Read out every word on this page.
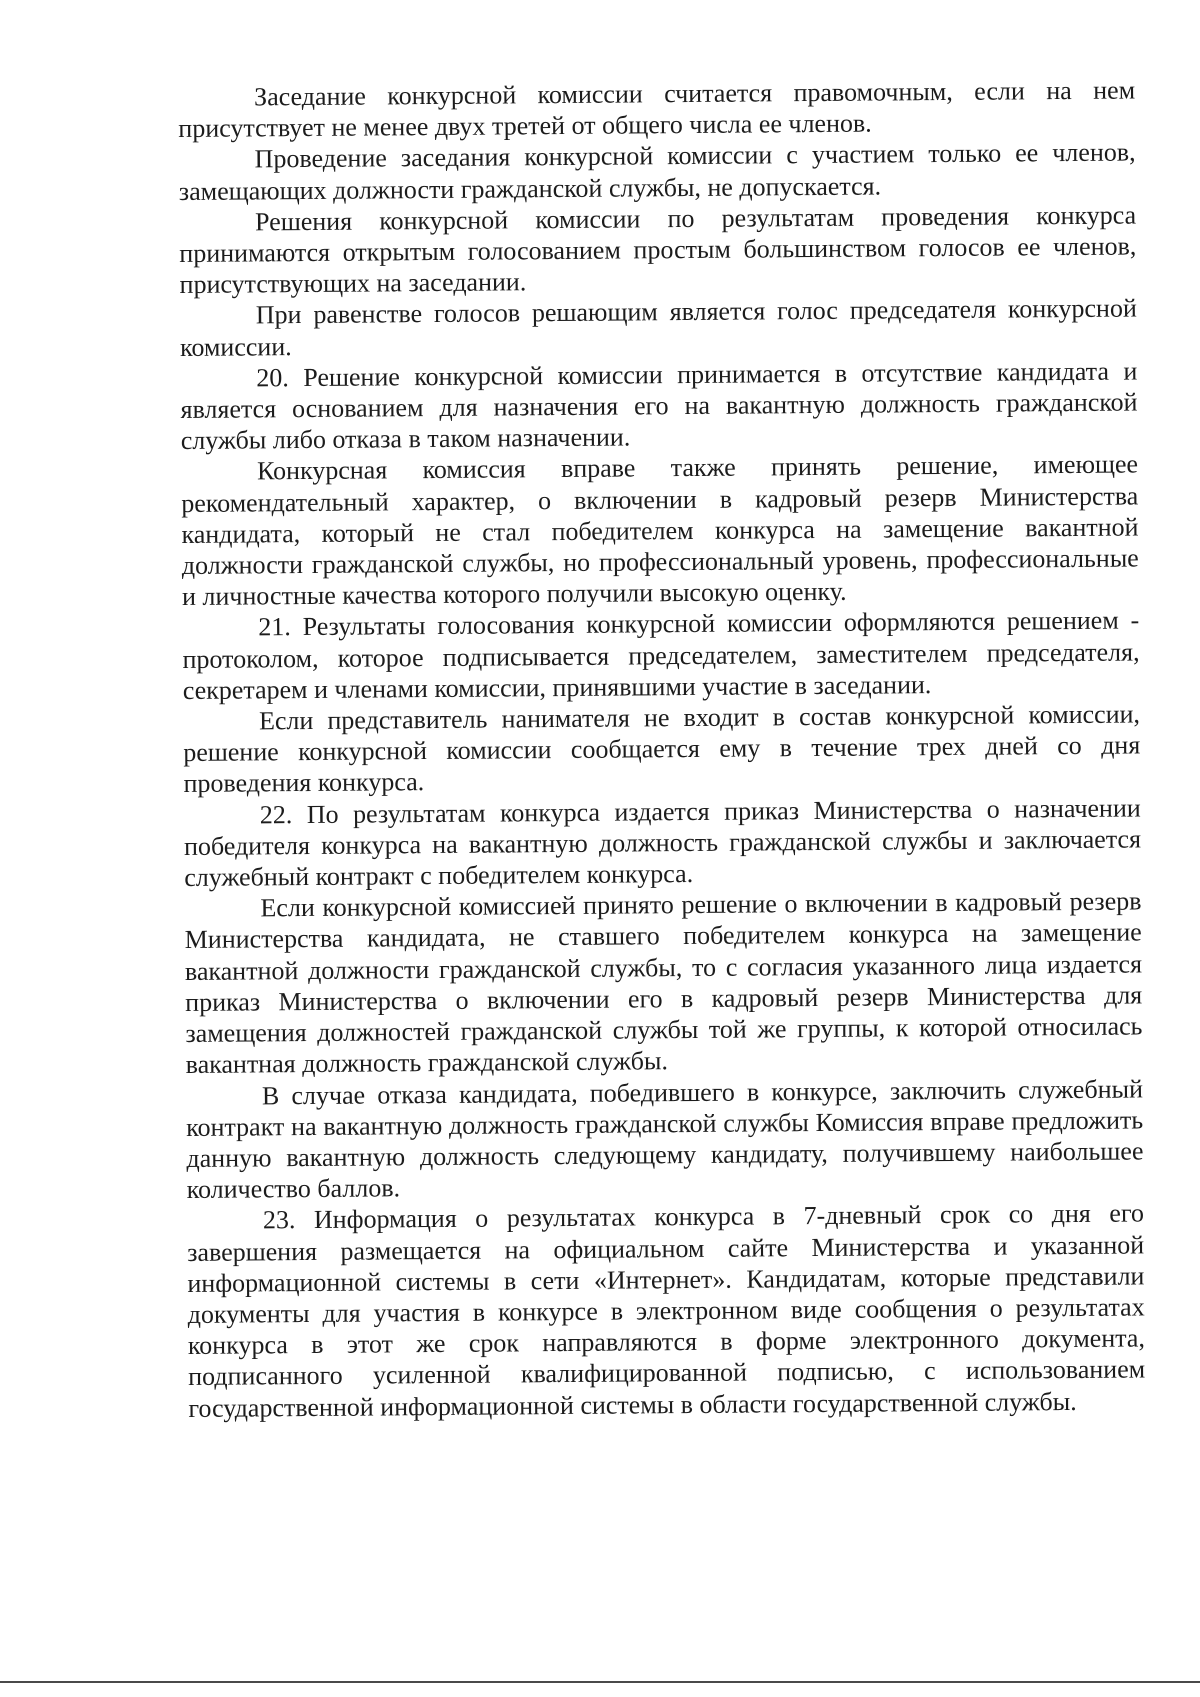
Заседание конкурсной комиссии считается правомочным, если на нем присутствует не менее двух третей от общего числа ее членов.

Проведение заседания конкурсной комиссии с участием только ее членов, замещающих должности гражданской службы, не допускается.

Решения конкурсной комиссии по результатам проведения конкурса принимаются открытым голосованием простым большинством голосов ее членов, присутствующих на заседании.

При равенстве голосов решающим является голос председателя конкурсной комиссии.

20. Решение конкурсной комиссии принимается в отсутствие кандидата и является основанием для назначения его на вакантную должность гражданской службы либо отказа в таком назначении.

Конкурсная комиссия вправе также принять решение, имеющее рекомендательный характер, о включении в кадровый резерв Министерства кандидата, который не стал победителем конкурса на замещение вакантной должности гражданской службы, но профессиональный уровень, профессиональные и личностные качества которого получили высокую оценку.

21. Результаты голосования конкурсной комиссии оформляются решением - протоколом, которое подписывается председателем, заместителем председателя, секретарем и членами комиссии, принявшими участие в заседании.

Если представитель нанимателя не входит в состав конкурсной комиссии, решение конкурсной комиссии сообщается ему в течение трех дней со дня проведения конкурса.

22. По результатам конкурса издается приказ Министерства о назначении победителя конкурса на вакантную должность гражданской службы и заключается служебный контракт с победителем конкурса.

Если конкурсной комиссией принято решение о включении в кадровый резерв Министерства кандидата, не ставшего победителем конкурса на замещение вакантной должности гражданской службы, то с согласия указанного лица издается приказ Министерства о включении его в кадровый резерв Министерства для замещения должностей гражданской службы той же группы, к которой относилась вакантная должность гражданской службы.

В случае отказа кандидата, победившего в конкурсе, заключить служебный контракт на вакантную должность гражданской службы Комиссия вправе предложить данную вакантную должность следующему кандидату, получившему наибольшее количество баллов.

23. Информация о результатах конкурса в 7-дневный срок со дня его завершения размещается на официальном сайте Министерства и указанной информационной системы в сети «Интернет». Кандидатам, которые представили документы для участия в конкурсе в электронном виде сообщения о результатах конкурса в этот же срок направляются в форме электронного документа, подписанного усиленной квалифицированной подписью, с использованием государственной информационной системы в области государственной службы.
